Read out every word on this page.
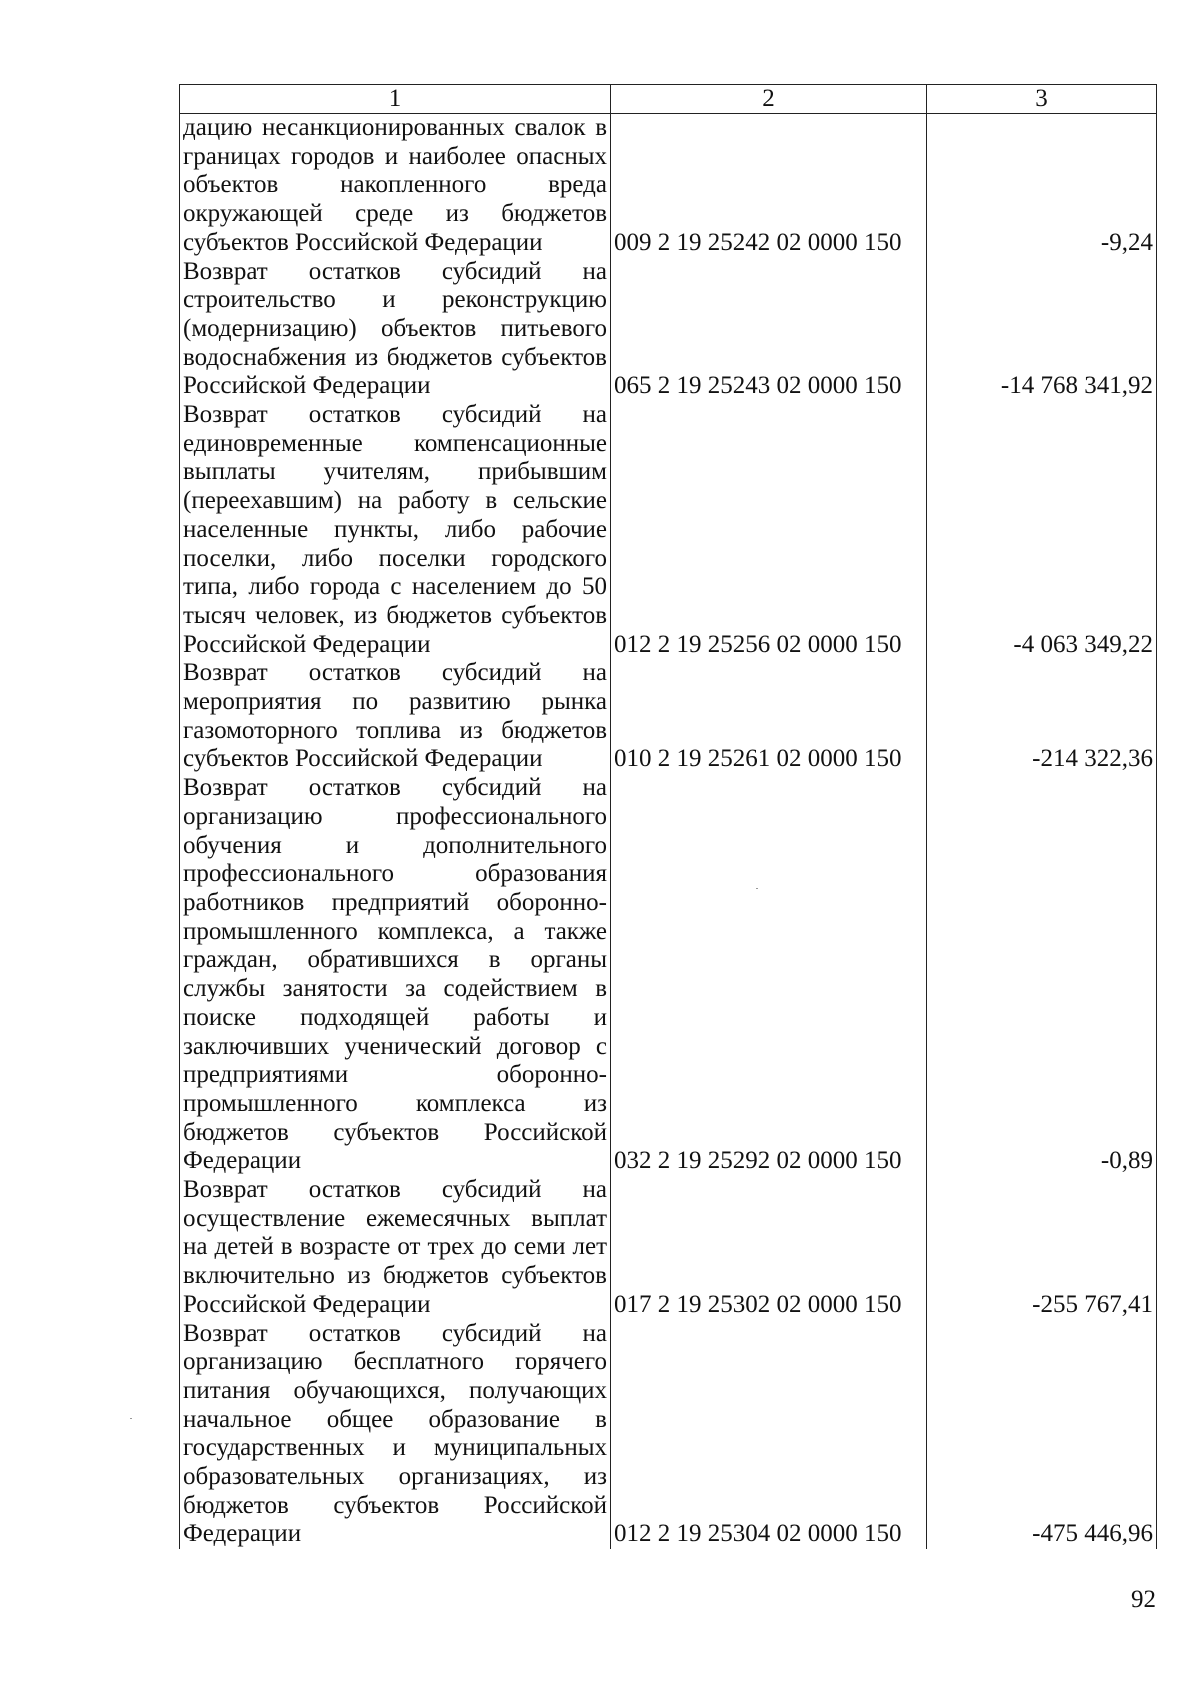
1	2	3
дацию несанкционированных свалок в границах городов и наиболее опасных объектов накопленного вреда окружающей среде из бюджетов субъектов Российской Федерации	009 2 19 25242 02 0000 150	-9,24
Возврат остатков субсидий на строительство и реконструкцию (модернизацию) объектов питьевого водоснабжения из бюджетов субъектов Российской Федерации	065 2 19 25243 02 0000 150	-14 768 341,92
Возврат остатков субсидий на единовременные компенсационные выплаты учителям, прибывшим (переехавшим) на работу в сельские населенные пункты, либо рабочие поселки, либо поселки городского типа, либо города с населением до 50 тысяч человек, из бюджетов субъектов Российской Федерации	012 2 19 25256 02 0000 150	-4 063 349,22
Возврат остатков субсидий на мероприятия по развитию рынка газомоторного топлива из бюджетов субъектов Российской Федерации	010 2 19 25261 02 0000 150	-214 322,36
Возврат остатков субсидий на организацию профессионального обучения и дополнительного профессионального образования работников предприятий оборонно-промышленного комплекса, а также граждан, обратившихся в органы службы занятости за содействием в поиске подходящей работы и заключивших ученический договор с предприятиями оборонно-промышленного комплекса из бюджетов субъектов Российской Федерации	032 2 19 25292 02 0000 150	-0,89
Возврат остатков субсидий на осуществление ежемесячных выплат на детей в возрасте от трех до семи лет включительно из бюджетов субъектов Российской Федерации	017 2 19 25302 02 0000 150	-255 767,41
Возврат остатков субсидий на организацию бесплатного горячего питания обучающихся, получающих начальное общее образование в государственных и муниципальных образовательных организациях, из бюджетов субъектов Российской Федерации	012 2 19 25304 02 0000 150	-475 446,96
92
